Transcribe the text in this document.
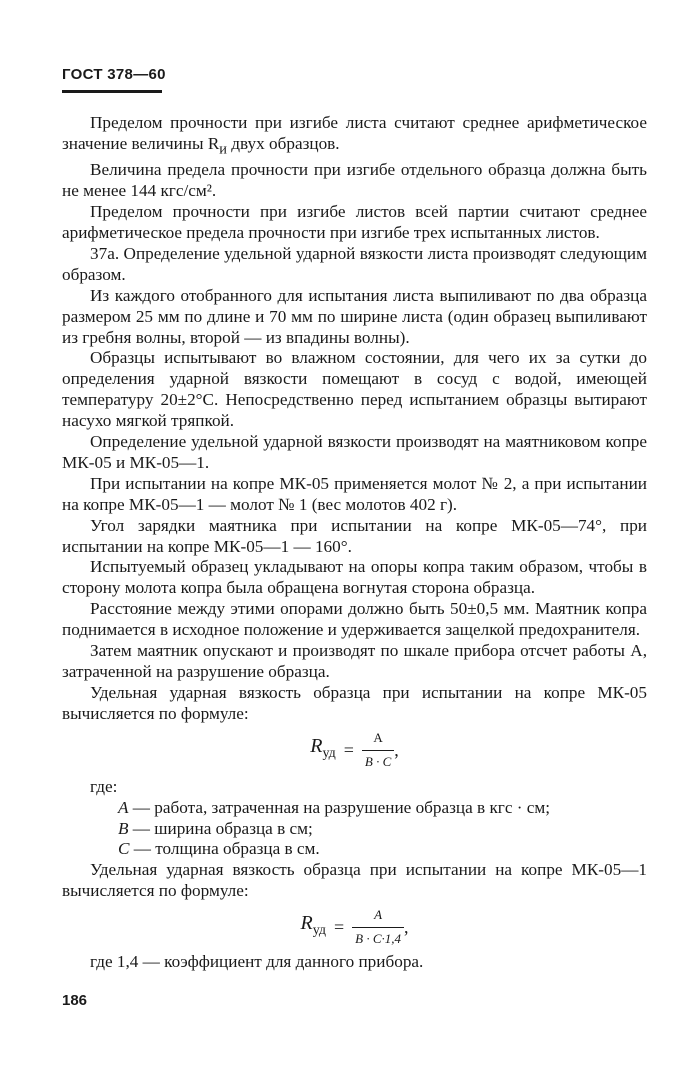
ГОСТ 378—60

Пределом прочности при изгибе листа считают среднее арифметическое значение величины $R_и$ двух образцов.

Величина предела прочности при изгибе отдельного образца должна быть не менее 144 кгс/см².

Пределом прочности при изгибе листов всей партии считают среднее арифметическое предела прочности при изгибе трех испытанных листов.

37а. Определение удельной ударной вязкости листа производят следующим образом.

Из каждого отобранного для испытания листа выпиливают по два образца размером 25 мм по длине и 70 мм по ширине листа (один образец выпиливают из гребня волны, второй — из впадины волны).

Образцы испытывают во влажном состоянии, для чего их за сутки до определения ударной вязкости помещают в сосуд с водой, имеющей температуру 20±2°С. Непосредственно перед испытанием образцы вытирают насухо мягкой тряпкой.

Определение удельной ударной вязкости производят на маятниковом копре МК-05 и МК-05—1.

При испытании на копре МК-05 применяется молот № 2, а при испытании на копре МК-05—1 — молот № 1 (вес молотов 402 г).

Угол зарядки маятника при испытании на копре МК-05—74°, при испытании на копре МК-05—1 — 160°.

Испытуемый образец укладывают на опоры копра таким образом, чтобы в сторону молота копра была обращена вогнутая сторона образца.

Расстояние между этими опорами должно быть 50±0,5 мм. Маятник копра поднимается в исходное положение и удерживается защелкой предохранителя.

Затем маятник опускают и производят по шкале прибора отсчет работы A, затраченной на разрушение образца.

Удельная ударная вязкость образца при испытании на копре МК-05 вычисляется по формуле:

$R_{уд} = \frac{A}{B \cdot C}$ ,

где:

A — работа, затраченная на разрушение образца в кгс · см;

B — ширина образца в см;

C — толщина образца в см.

Удельная ударная вязкость образца при испытании на копре МК-05—1 вычисляется по формуле:

$R_{уд} = \frac{A}{B \cdot C\cdot 1,4}$ ,

где 1,4 — коэффициент для данного прибора.

186
